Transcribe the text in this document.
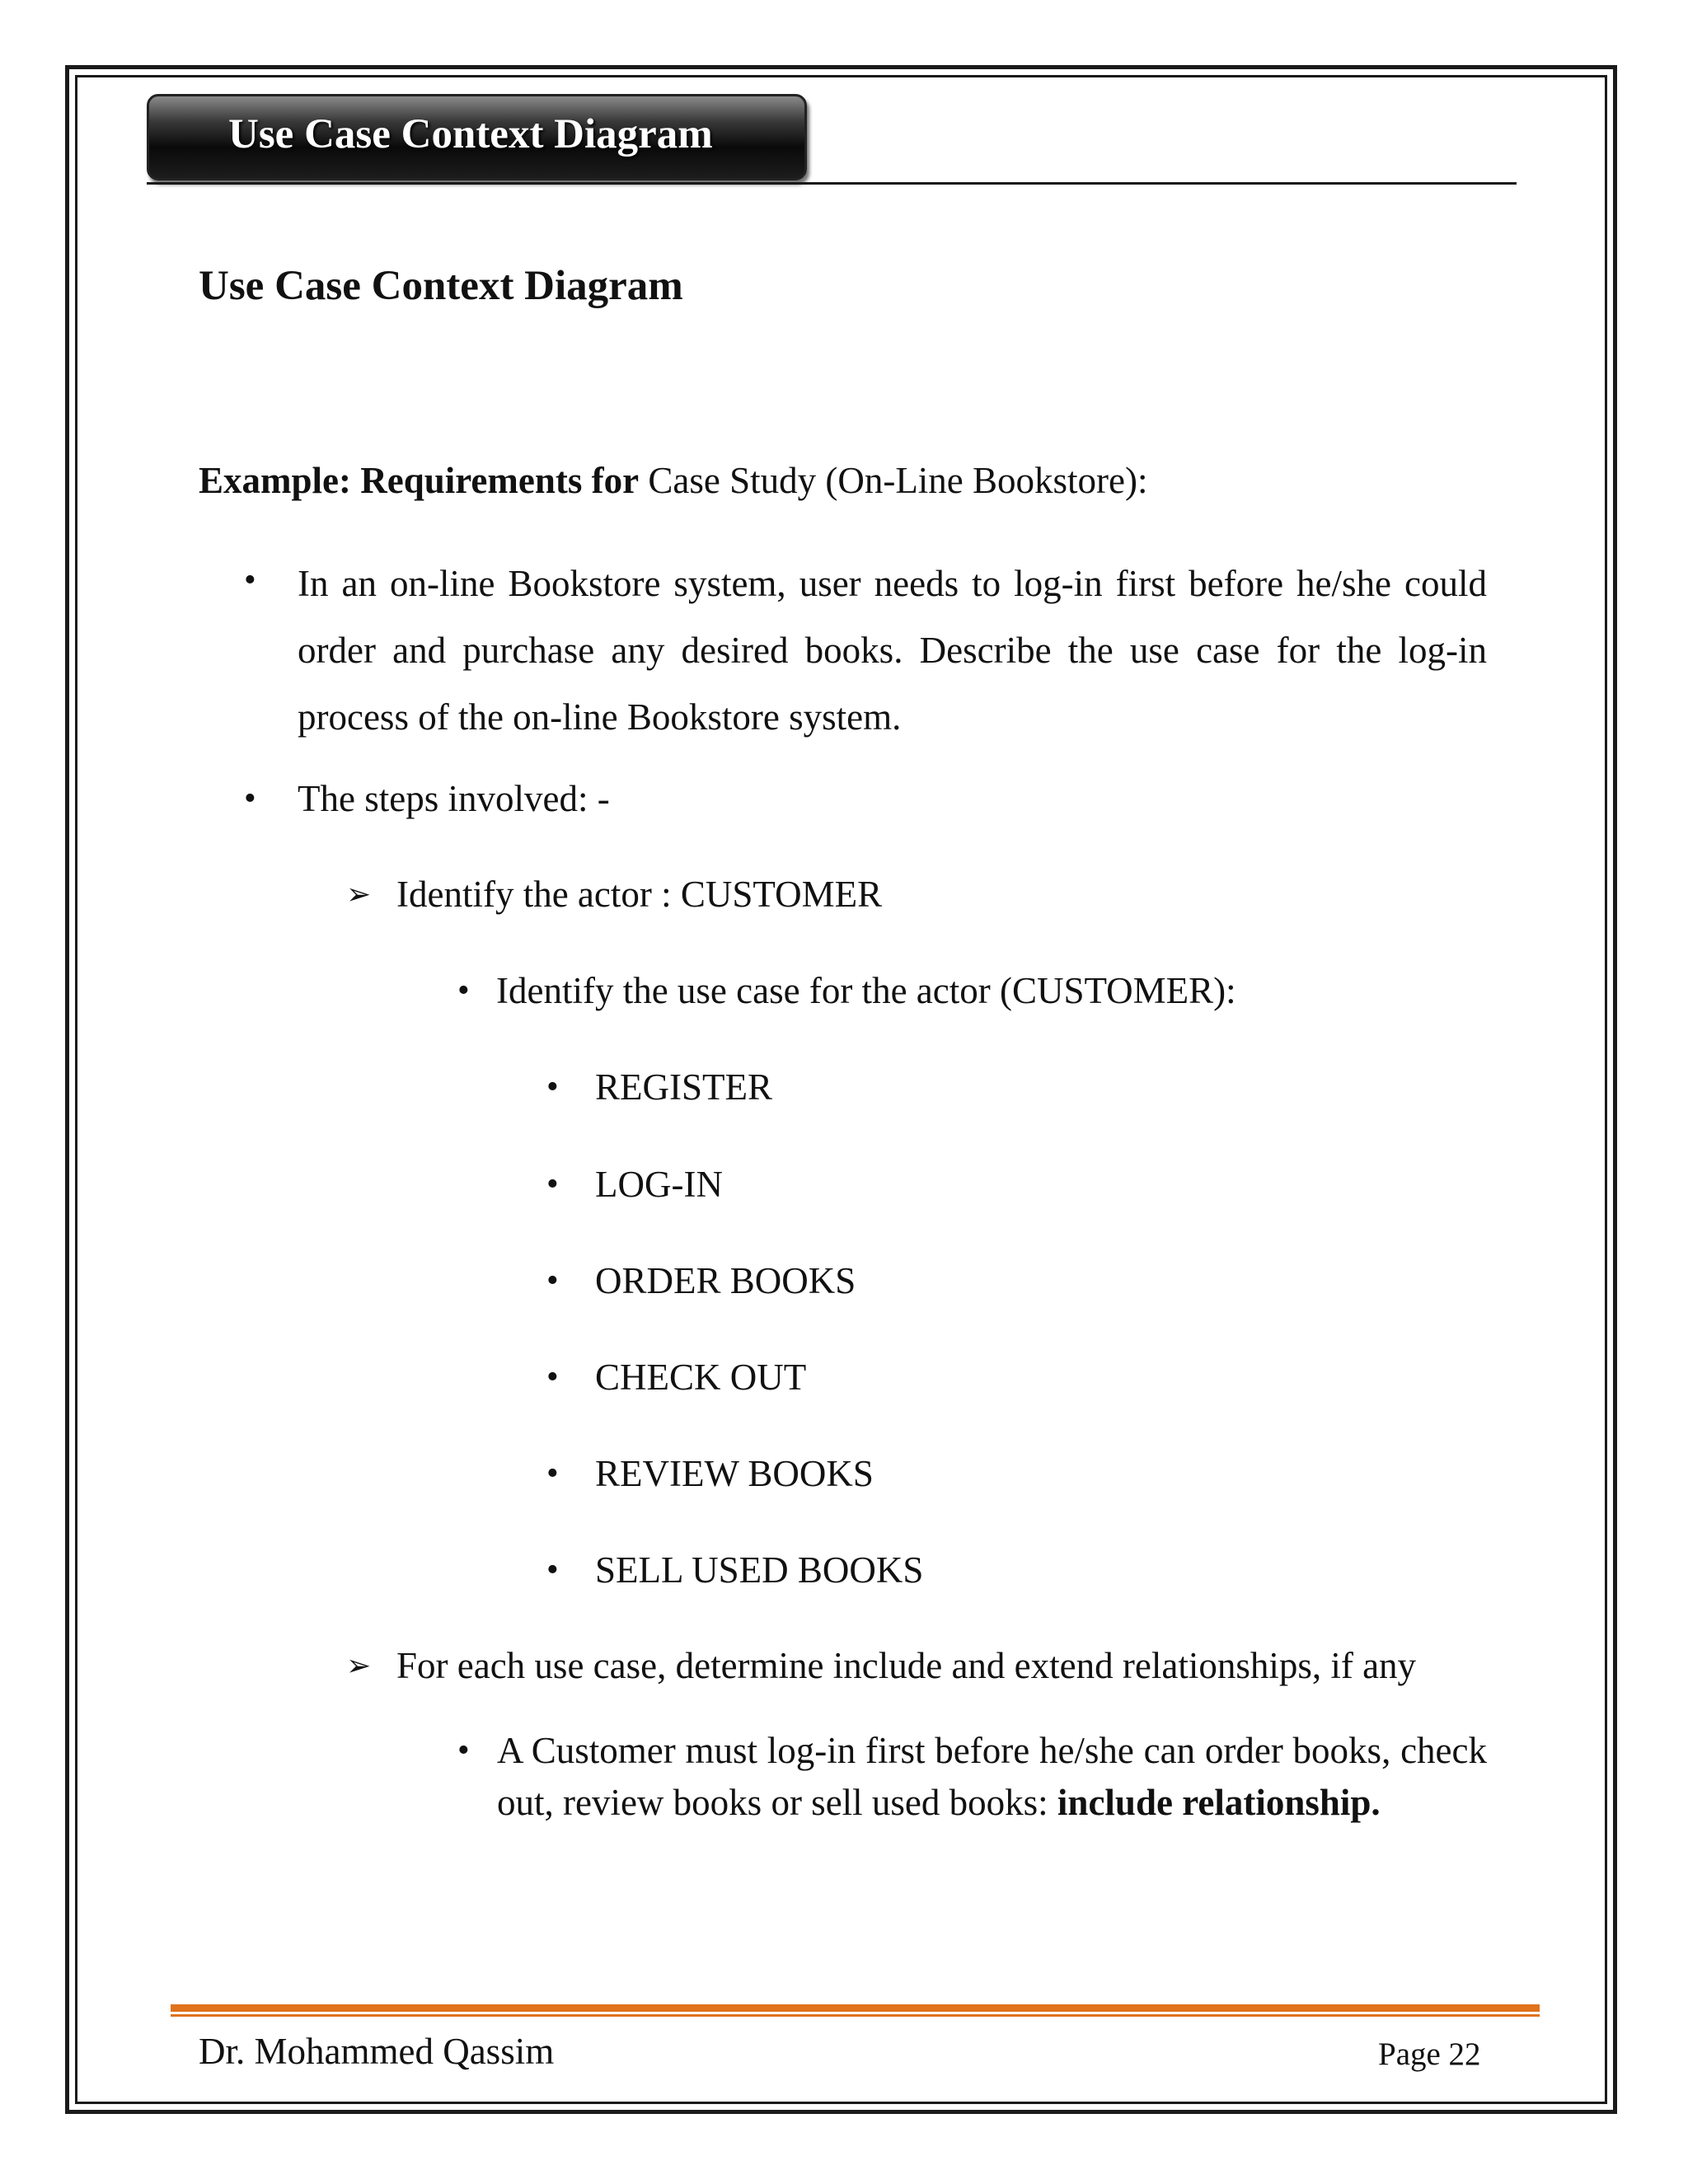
Use Case Context Diagram
Use Case Context Diagram
Example: Requirements for Case Study (On-Line Bookstore):
• In an on-line Bookstore system, user needs to log-in first before he/she could order and purchase any desired books. Describe the use case for the log-in process of the on-line Bookstore system.
• The steps involved: -
➢ Identify the actor : CUSTOMER
• Identify the use case for the actor (CUSTOMER):
• REGISTER
• LOG-IN
• ORDER BOOKS
• CHECK OUT
• REVIEW BOOKS
• SELL USED BOOKS
➢ For each use case, determine include and extend relationships, if any
• A Customer must log-in first before he/she can order books, check out, review books or sell used books: include relationship.
Dr. Mohammed Qassim	Page 22
